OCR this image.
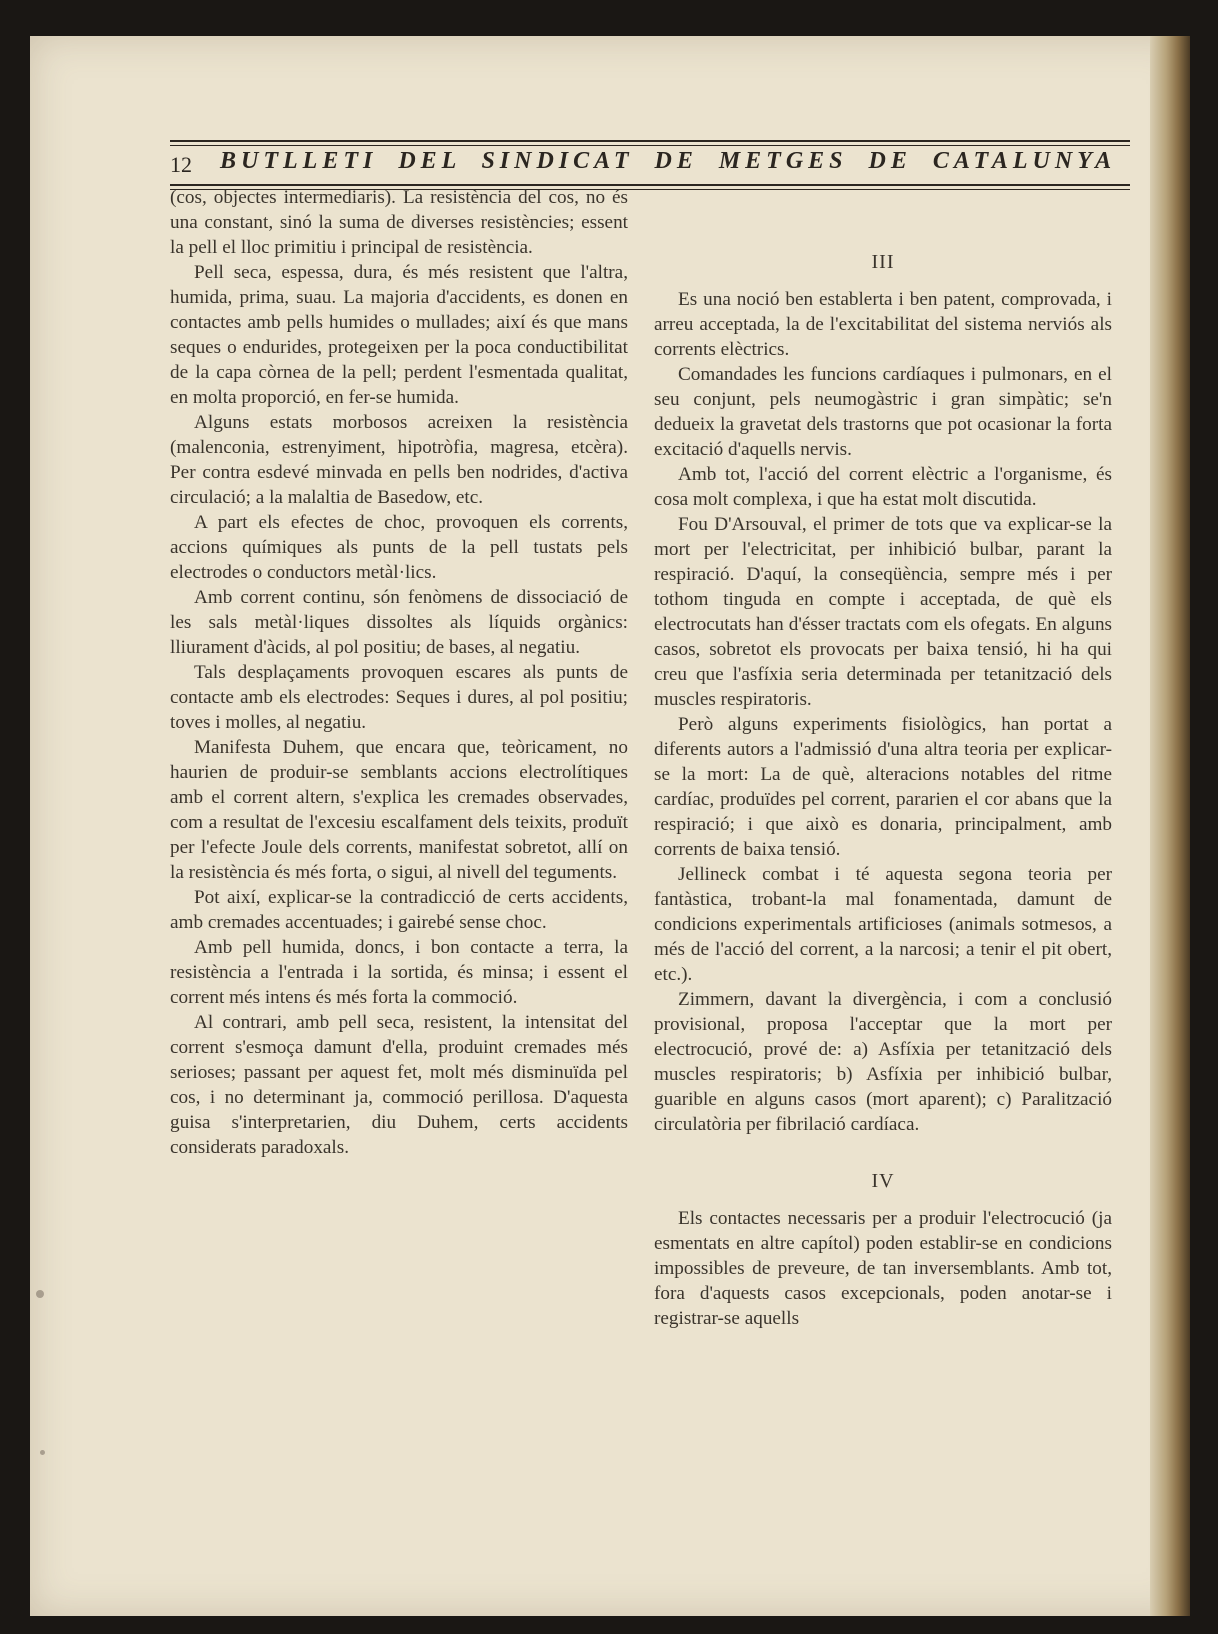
12 BUTLLETI DEL SINDICAT DE METGES DE CATALUNYA

(cos, objectes intermediaris). La resistència del cos, no és una constant, sinó la suma de diverses resistències; essent la pell el lloc primitiu i principal de resistència.

Pell seca, espessa, dura, és més resistent que l'altra, humida, prima, suau. La majoria d'accidents, es donen en contactes amb pells humides o mullades; així és que mans seques o endurides, protegeixen per la poca conductibilitat de la capa còrnea de la pell; perdent l'esmentada qualitat, en molta proporció, en fer-se humida.

Alguns estats morbosos acreixen la resistència (malenconia, estrenyiment, hipotròfia, magresa, etcèra). Per contra esdevé minvada en pells ben nodrides, d'activa circulació; a la malaltia de Basedow, etc.

A part els efectes de choc, provoquen els corrents, accions químiques als punts de la pell tustats pels electrodes o conductors metàl·lics.

Amb corrent continu, són fenòmens de dissociació de les sals metàl·liques dissoltes als líquids orgànics: lliurament d'àcids, al pol positiu; de bases, al negatiu.

Tals desplaçaments provoquen escares als punts de contacte amb els electrodes: Seques i dures, al pol positiu; toves i molles, al negatiu.

Manifesta Duhem, que encara que, teòricament, no haurien de produir-se semblants accions electrolítiques amb el corrent altern, s'explica les cremades observades, com a resultat de l'excesiu escalfament dels teixits, produït per l'efecte Joule dels corrents, manifestat sobretot, allí on la resistència és més forta, o sigui, al nivell del teguments.

Pot així, explicar-se la contradicció de certs accidents, amb cremades accentuades; i gairebé sense choc.

Amb pell humida, doncs, i bon contacte a terra, la resistència a l'entrada i la sortida, és minsa; i essent el corrent més intens és més forta la commoció.

Al contrari, amb pell seca, resistent, la intensitat del corrent s'esmoça damunt d'ella, produint cremades més serioses; passant per aquest fet, molt més disminuïda pel cos, i no determinant ja, commoció perillosa. D'aquesta guisa s'interpretarien, diu Duhem, certs accidents considerats paradoxals.

III

Es una noció ben establerta i ben patent, comprovada, i arreu acceptada, la de l'excitabilitat del sistema nerviós als corrents elèctrics.

Comandades les funcions cardíaques i pulmonars, en el seu conjunt, pels neumogàstric i gran simpàtic; se'n dedueix la gravetat dels trastorns que pot ocasionar la forta excitació d'aquells nervis.

Amb tot, l'acció del corrent elèctric a l'organisme, és cosa molt complexa, i que ha estat molt discutida.

Fou D'Arsouval, el primer de tots que va explicar-se la mort per l'electricitat, per inhibició bulbar, parant la respiració. D'aquí, la conseqüència, sempre més i per tothom tinguda en compte i acceptada, de què els electrocutats han d'ésser tractats com els ofegats. En alguns casos, sobretot els provocats per baixa tensió, hi ha qui creu que l'asfíxia seria determinada per tetanització dels muscles respiratoris.

Però alguns experiments fisiològics, han portat a diferents autors a l'admissió d'una altra teoria per explicar-se la mort: La de què, alteracions notables del ritme cardíac, produïdes pel corrent, pararien el cor abans que la respiració; i que això es donaria, principalment, amb corrents de baixa tensió.

Jellineck combat i té aquesta segona teoria per fantàstica, trobant-la mal fonamentada, damunt de condicions experimentals artificioses (animals sotmesos, a més de l'acció del corrent, a la narcosi; a tenir el pit obert, etc.).

Zimmern, davant la divergència, i com a conclusió provisional, proposa l'acceptar que la mort per electrocució, prové de: a) Asfíxia per tetanització dels muscles respiratoris; b) Asfíxia per inhibició bulbar, guarible en alguns casos (mort aparent); c) Paralització circulatòria per fibrilació cardíaca.

IV

Els contactes necessaris per a produir l'electrocució (ja esmentats en altre capítol) poden establir-se en condicions impossibles de preveure, de tan inversemblants. Amb tot, fora d'aquests casos excepcionals, poden anotar-se i registrar-se aquells
